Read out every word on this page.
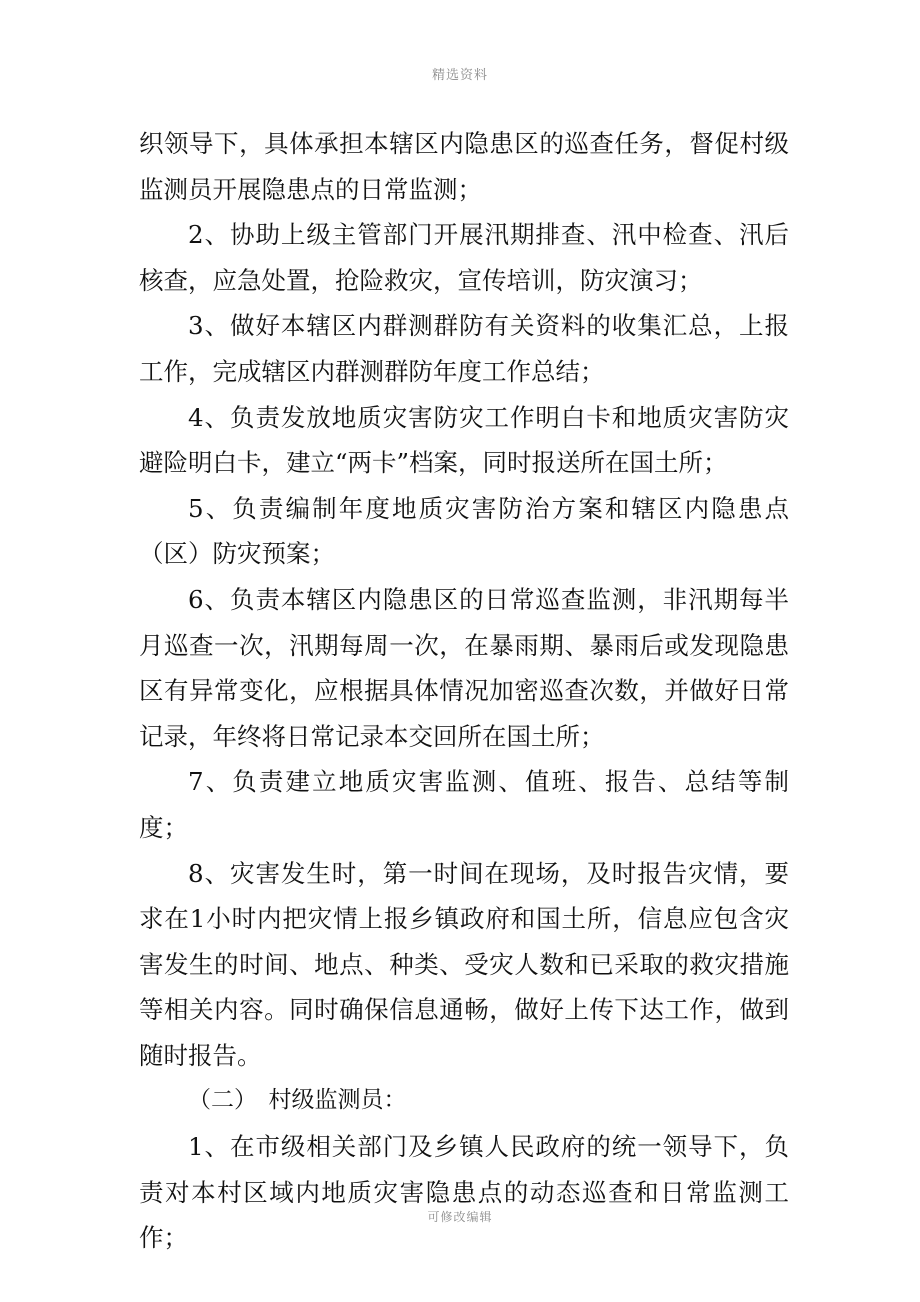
精选资料

织领导下，具体承担本辖区内隐患区的巡查任务，督促村级监测员开展隐患点的日常监测；

2、协助上级主管部门开展汛期排查、汛中检查、汛后核查，应急处置，抢险救灾，宣传培训，防灾演习；

3、做好本辖区内群测群防有关资料的收集汇总，上报工作，完成辖区内群测群防年度工作总结；

4、负责发放地质灾害防灾工作明白卡和地质灾害防灾避险明白卡，建立“两卡”档案，同时报送所在国土所；

5、负责编制年度地质灾害防治方案和辖区内隐患点（区）防灾预案；

6、负责本辖区内隐患区的日常巡查监测，非汛期每半月巡查一次，汛期每周一次，在暴雨期、暴雨后或发现隐患区有异常变化，应根据具体情况加密巡查次数，并做好日常记录，年终将日常记录本交回所在国土所；

7、负责建立地质灾害监测、值班、报告、总结等制度；

8、灾害发生时，第一时间在现场，及时报告灾情，要求在1小时内把灾情上报乡镇政府和国土所，信息应包含灾害发生的时间、地点、种类、受灾人数和已采取的救灾措施等相关内容。同时确保信息通畅，做好上传下达工作，做到随时报告。

（二）　村级监测员：

1、在市级相关部门及乡镇人民政府的统一领导下，负责对本村区域内地质灾害隐患点的动态巡查和日常监测工作；

可修改编辑
